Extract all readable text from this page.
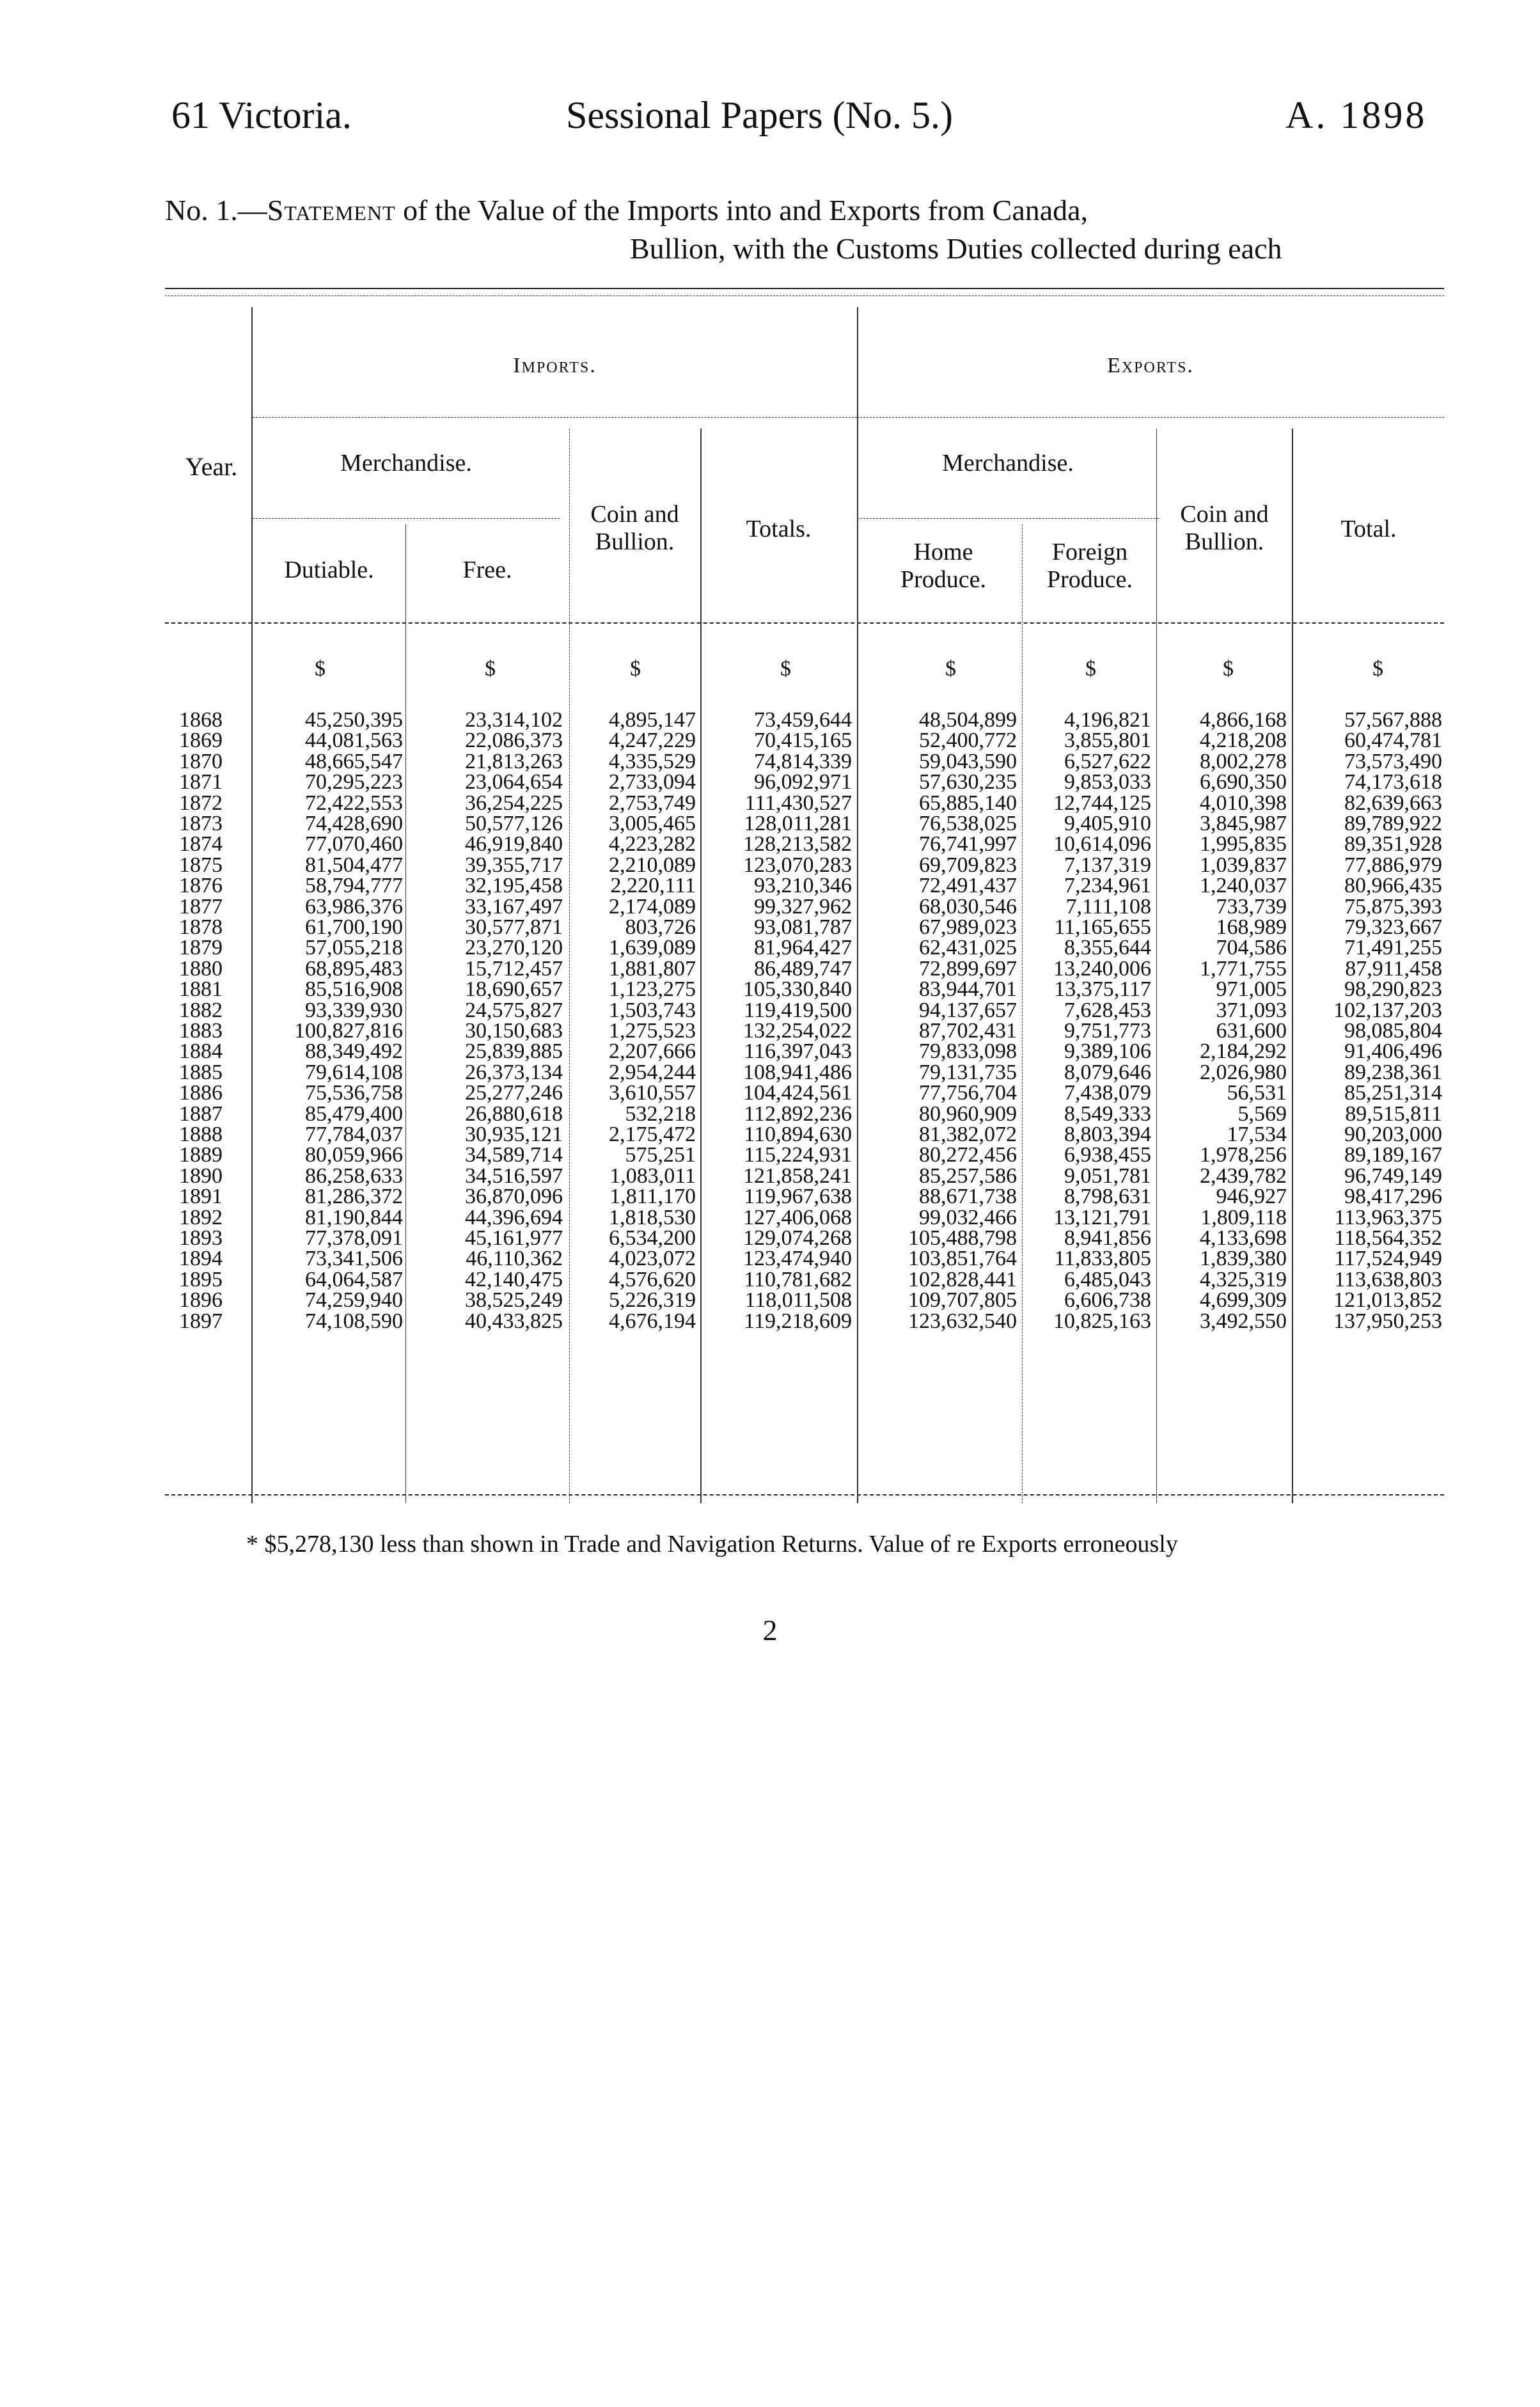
61 Victoria.	Sessional Papers (No. 5.)	A. 1898
No. 1.—Statement of the Value of the Imports into and Exports from Canada,
Bullion, with the Customs Duties collected during each
Year.
Imports.	Exports.
Merchandise.	Merchandise.
Dutiable.	Free.
Coin and Bullion.	Totals.
Home Produce.
Foreign Produce.
Coin and Bullion.	Total.
$	$	$	$	$	$	$	$
1868	45,250,395	23,314,102	4,895,147	73,459,644	48,504,899	4,196,821	4,866,168	57,567,888
1869	44,081,563	22,086,373	4,247,229	70,415,165	52,400,772	3,855,801	4,218,208	60,474,781
1870	48,665,547	21,813,263	4,335,529	74,814,339	59,043,590	6,527,622	8,002,278	73,573,490
1871	70,295,223	23,064,654	2,733,094	96,092,971	57,630,235	9,853,033	6,690,350	74,173,618
1872	72,422,553	36,254,225	2,753,749	111,430,527	65,885,140	12,744,125	4,010,398	82,639,663
1873	74,428,690	50,577,126	3,005,465	128,011,281	76,538,025	9,405,910	3,845,987	89,789,922
1874	77,070,460	46,919,840	4,223,282	128,213,582	76,741,997	10,614,096	1,995,835	89,351,928
1875	81,504,477	39,355,717	2,210,089	123,070,283	69,709,823	7,137,319	1,039,837	77,886,979
1876	58,794,777	32,195,458	2,220,111	93,210,346	72,491,437	7,234,961	1,240,037	80,966,435
1877	63,986,376	33,167,497	2,174,089	99,327,962	68,030,546	7,111,108	733,739	75,875,393
1878	61,700,190	30,577,871	803,726	93,081,787	67,989,023	11,165,655	168,989	79,323,667
1879	57,055,218	23,270,120	1,639,089	81,964,427	62,431,025	8,355,644	704,586	71,491,255
1880	68,895,483	15,712,457	1,881,807	86,489,747	72,899,697	13,240,006	1,771,755	87,911,458
1881	85,516,908	18,690,657	1,123,275	105,330,840	83,944,701	13,375,117	971,005	98,290,823
1882	93,339,930	24,575,827	1,503,743	119,419,500	94,137,657	7,628,453	371,093	102,137,203
1883	100,827,816	30,150,683	1,275,523	132,254,022	87,702,431	9,751,773	631,600	98,085,804
1884	88,349,492	25,839,885	2,207,666	116,397,043	79,833,098	9,389,106	2,184,292	91,406,496
1885	79,614,108	26,373,134	2,954,244	108,941,486	79,131,735	8,079,646	2,026,980	89,238,361
1886	75,536,758	25,277,246	3,610,557	104,424,561	77,756,704	7,438,079	56,531	85,251,314
1887	85,479,400	26,880,618	532,218	112,892,236	80,960,909	8,549,333	5,569	89,515,811
1888	77,784,037	30,935,121	2,175,472	110,894,630	81,382,072	8,803,394	17,534	90,203,000
1889	80,059,966	34,589,714	575,251	115,224,931	80,272,456	6,938,455	1,978,256	89,189,167
1890	86,258,633	34,516,597	1,083,011	121,858,241	85,257,586	9,051,781	2,439,782	96,749,149
1891	81,286,372	36,870,096	1,811,170	119,967,638	88,671,738	8,798,631	946,927	98,417,296
1892	81,190,844	44,396,694	1,818,530	127,406,068	99,032,466	13,121,791	1,809,118	113,963,375
1893	77,378,091	45,161,977	6,534,200	129,074,268	105,488,798	8,941,856	4,133,698	118,564,352
1894	73,341,506	46,110,362	4,023,072	123,474,940	103,851,764	11,833,805	1,839,380	117,524,949
1895	64,064,587	42,140,475	4,576,620	110,781,682	102,828,441	6,485,043	4,325,319	113,638,803
1896	74,259,940	38,525,249	5,226,319	118,011,508	109,707,805	6,606,738	4,699,309	121,013,852
1897	74,108,590	40,433,825	4,676,194	119,218,609	123,632,540	10,825,163	3,492,550	137,950,253
* $5,278,130 less than shown in Trade and Navigation Returns. Value of re Exports erroneously
2
